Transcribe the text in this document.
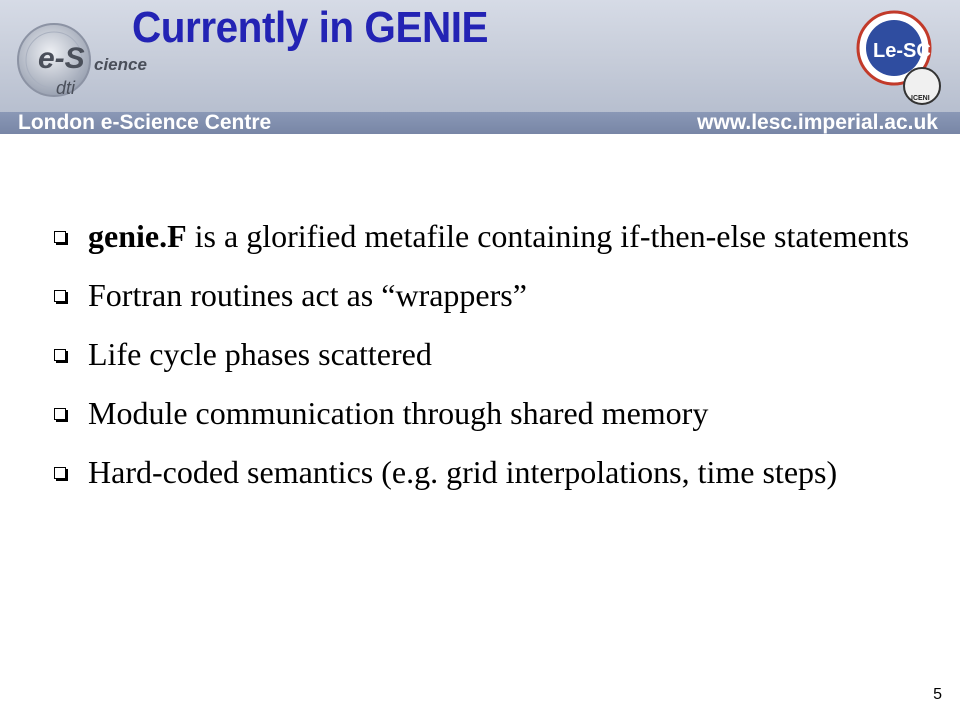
e-S cience
dti
Currently in GENIE	Le-SC
ICENI
London e-Science Centre	www.lesc.imperial.ac.uk
genie.F is a glorified metafile containing if-then-else statements
Fortran routines act as “wrappers”
Life cycle phases scattered
Module communication through shared memory
Hard-coded semantics (e.g. grid interpolations, time steps)
5
